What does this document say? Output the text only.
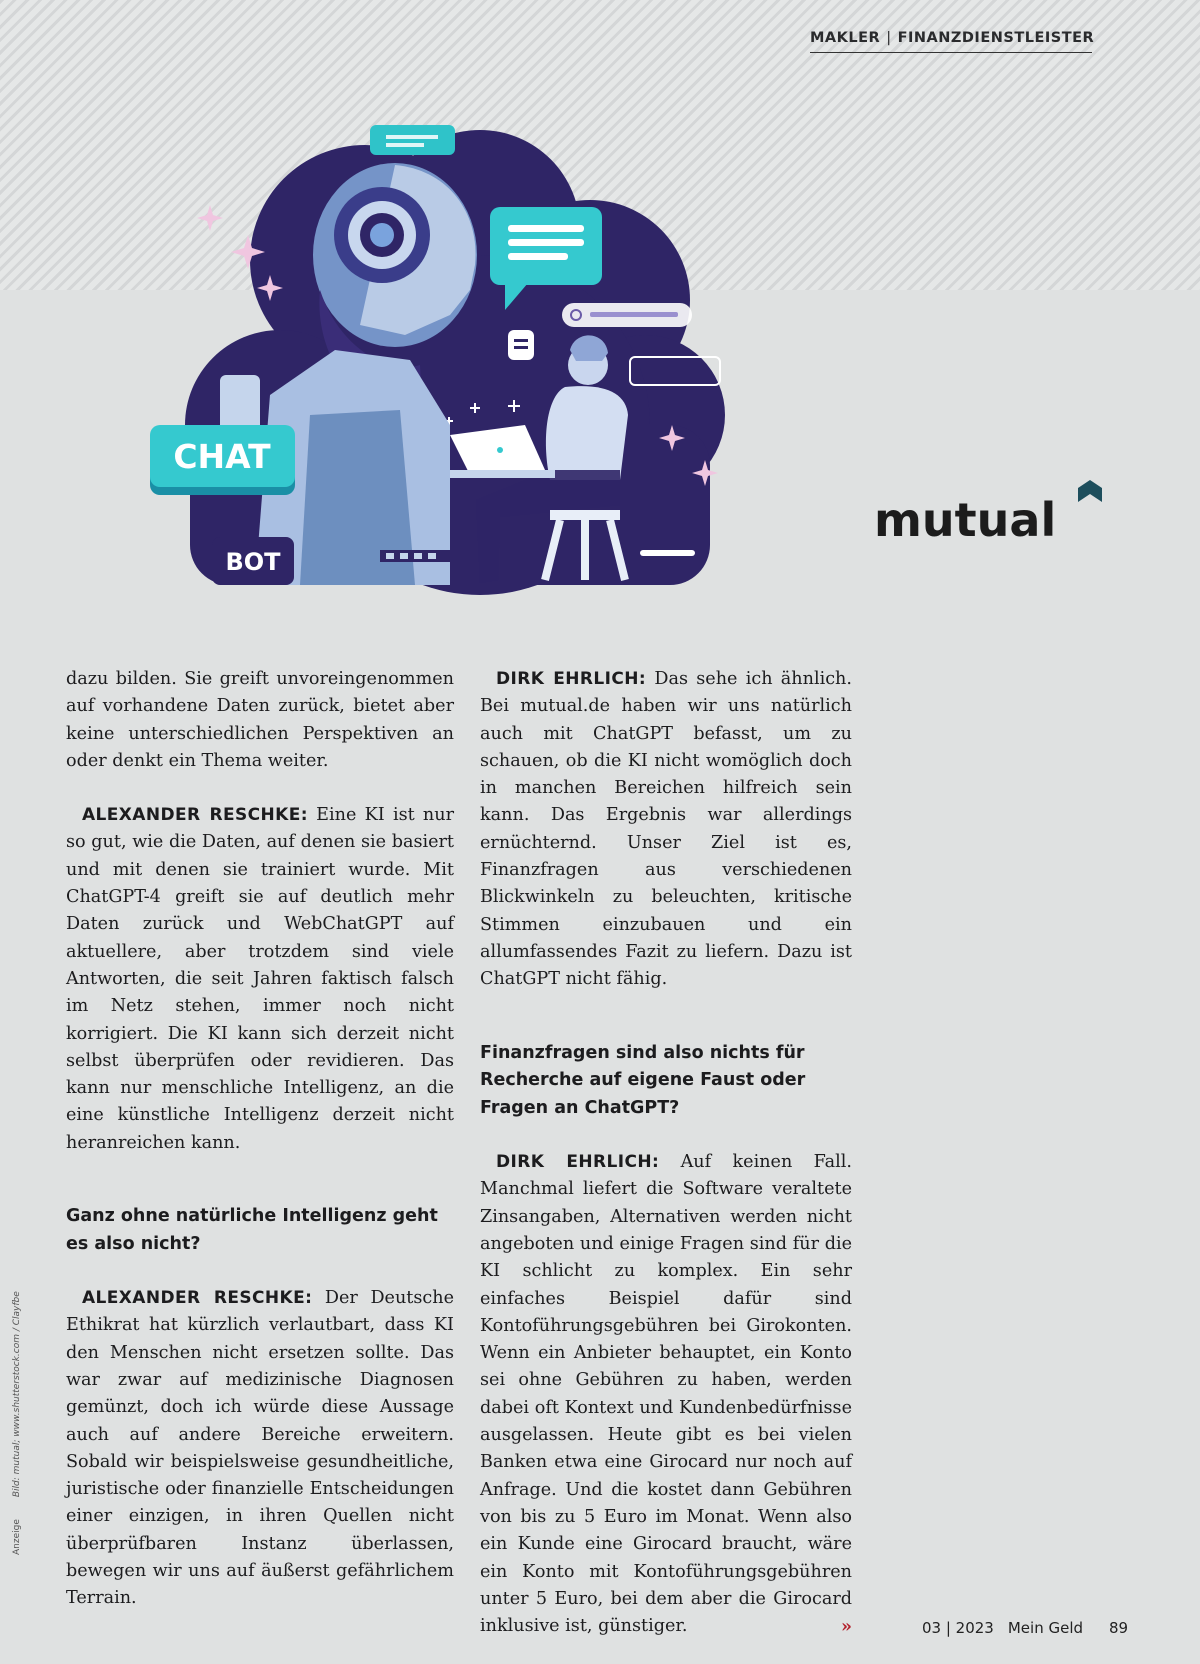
MAKLER | FINANZDIENSTLEISTER
CHAT
BOT
mutual
AnzeigeBild: mutual; www.shutterstock.com / Clayfbe

dazu bilden. Sie greift unvoreingenommen auf vorhandene Daten zurück, bietet aber keine unterschiedlichen Perspektiven an oder denkt ein Thema weiter.

ALEXANDER RESCHKE: Eine KI ist nur so gut, wie die Daten, auf denen sie basiert und mit denen sie trainiert wurde. Mit ChatGPT-4 greift sie auf deutlich mehr Daten zurück und WebChatGPT auf aktuellere, aber trotzdem sind viele Antworten, die seit Jahren faktisch falsch im Netz stehen, immer noch nicht korrigiert. Die KI kann sich derzeit nicht selbst überprüfen oder revidieren. Das kann nur menschliche Intelligenz, an die eine künstliche Intelligenz derzeit nicht heranreichen kann.

Ganz ohne natürliche Intelligenz geht es also nicht?

ALEXANDER RESCHKE: Der Deutsche Ethikrat hat kürzlich verlautbart, dass KI den Menschen nicht ersetzen sollte. Das war zwar auf medizinische Diagnosen gemünzt, doch ich würde diese Aussage auch auf andere Bereiche erweitern. Sobald wir beispielsweise gesundheitliche, juristische oder finanzielle Entscheidungen einer einzigen, in ihren Quellen nicht überprüfbaren Instanz überlassen, bewegen wir uns auf äußerst gefährlichem Terrain.

DIRK EHRLICH: Das sehe ich ähnlich. Bei mutual.de haben wir uns natürlich auch mit ChatGPT befasst, um zu schauen, ob die KI nicht womöglich doch in manchen Bereichen hilfreich sein kann. Das Ergebnis war allerdings ernüchternd. Unser Ziel ist es, Finanzfragen aus verschiedenen Blickwinkeln zu beleuchten, kritische Stimmen einzubauen und ein allumfassendes Fazit zu liefern. Dazu ist ChatGPT nicht fähig.

Finanzfragen sind also nichts für Recherche auf eigene Faust oder Fragen an ChatGPT?

DIRK EHRLICH: Auf keinen Fall. Manchmal liefert die Software veraltete Zinsangaben, Alternativen werden nicht angeboten und einige Fragen sind für die KI schlicht zu komplex. Ein sehr einfaches Beispiel dafür sind Kontoführungsgebühren bei Girokonten. Wenn ein Anbieter behauptet, ein Konto sei ohne Gebühren zu haben, werden dabei oft Kontext und Kundenbedürfnisse ausgelassen. Heute gibt es bei vielen Banken etwa eine Girocard nur noch auf Anfrage. Und die kostet dann Gebühren von bis zu 5 Euro im Monat. Wenn also ein Kunde eine Girocard braucht, wäre ein Konto mit Kontoführungsgebühren unter 5 Euro, bei dem aber die Girocard inklusive ist, günstiger.	»	03 | 2023 Mein Geld 89
